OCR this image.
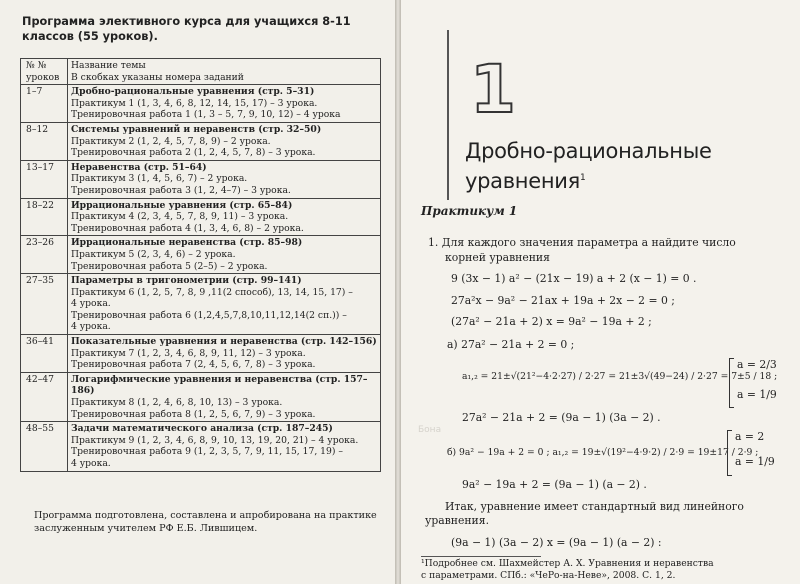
Программа элективного курса для учащихся 8-11 классов (55 уроков).
№ № уроков	Название темы
В скобках указаны номера заданий

1–7	Дробно-рациональные уравнения (стр. 5–31)
Практикум 1 (1, 3, 4, 6, 8, 12, 14, 15, 17) – 3 урока.
Тренировочная работа 1 (1, 3 – 5, 7, 9, 10, 12) – 4 урока

8–12	Системы уравнений и неравенств (стр. 32–50)
Практикум 2 (1, 2, 4, 5, 7, 8, 9) – 2 урока.
Тренировочная работа 2 (1, 2, 4, 5, 7, 8) – 3 урока.

13–17	Неравенства (стр. 51–64)
Практикум 3 (1, 4, 5, 6, 7) – 2 урока.
Тренировочная работа 3 (1, 2, 4–7) – 3 урока.

18–22	Иррациональные уравнения (стр. 65–84)
Практикум 4 (2, 3, 4, 5, 7, 8, 9, 11) – 3 урока.
Тренировочная работа 4 (1, 3, 4, 6, 8) – 2 урока.

23–26	Иррациональные неравенства (стр. 85–98)
Практикум 5 (2, 3, 4, 6) – 2 урока.
Тренировочная работа 5 (2–5) – 2 урока.

27–35	Параметры в тригонометрии (стр. 99–141)
Практикум 6 (1, 2, 5, 7, 8, 9 ,11(2 способ), 13, 14, 15, 17) –
4 урока.
Тренировочная работа 6 (1,2,4,5,7,8,10,11,12,14(2 сп.)) –
4 урока.

36–41	Показательные уравнения и неравенства (стр. 142–156)
Практикум 7 (1, 2, 3, 4, 6, 8, 9, 11, 12) – 3 урока.
Тренировочная работа 7 (2, 4, 5, 6, 7, 8) – 3 урока.

42–47	Логарифмические уравнения и неравенства (стр. 157–186)
Практикум 8 (1, 2, 4, 6, 8, 10, 13) – 3 урока.
Тренировочная работа 8 (1, 2, 5, 6, 7, 9) – 3 урока.

48–55	Задачи математического анализа (стр. 187–245)
Практикум 9 (1, 2, 3, 4, 6, 8, 9, 10, 13, 19, 20, 21) – 4 урока.
Тренировочная работа 9 (1, 2, 3, 5, 7, 9, 11, 15, 17, 19) –
4 урока.
Программа подготовлена, составлена и апробирована на практике заслуженным учителем РФ Е.Б. Лившицем.
1
Дробно-рациональные
уравнения$^1$
Практикум 1
1. Для каждого значения параметра a найдите число
корней уравнения
9 (3x − 1) a² − (21x − 19) a + 2 (x − 1) = 0 .
27a²x − 9a² − 21ax + 19a + 2x − 2 = 0 ;
(27a² − 21a + 2) x = 9a² − 19a + 2 ;
а) 27a² − 21a + 2 = 0 ;
a₁,₂ = 21±√(21²−4·2·27) / 2·27 = 21±3√(49−24) / 2·27 = 7±5 / 18 ;
a = 2/3
a = 1/9
27a² − 21a + 2 = (9a − 1) (3a − 2) .
Бона
б) 9a² − 19a + 2 = 0 ; a₁,₂ = 19±√(19²−4·9·2) / 2·9 = 19±17 / 2·9 ;
a = 2
a = 1/9
9a² − 19a + 2 = (9a − 1) (a − 2) .
Итак, уравнение имеет стандартный вид линейного
уравнения.
(9a − 1) (3a − 2) x = (9a − 1) (a − 2) :
¹Подробнее см. Шахмейстер А. Х. Уравнения и неравенства
с параметрами. СПб.: «ЧеРо-на-Неве», 2008. С. 1, 2.
